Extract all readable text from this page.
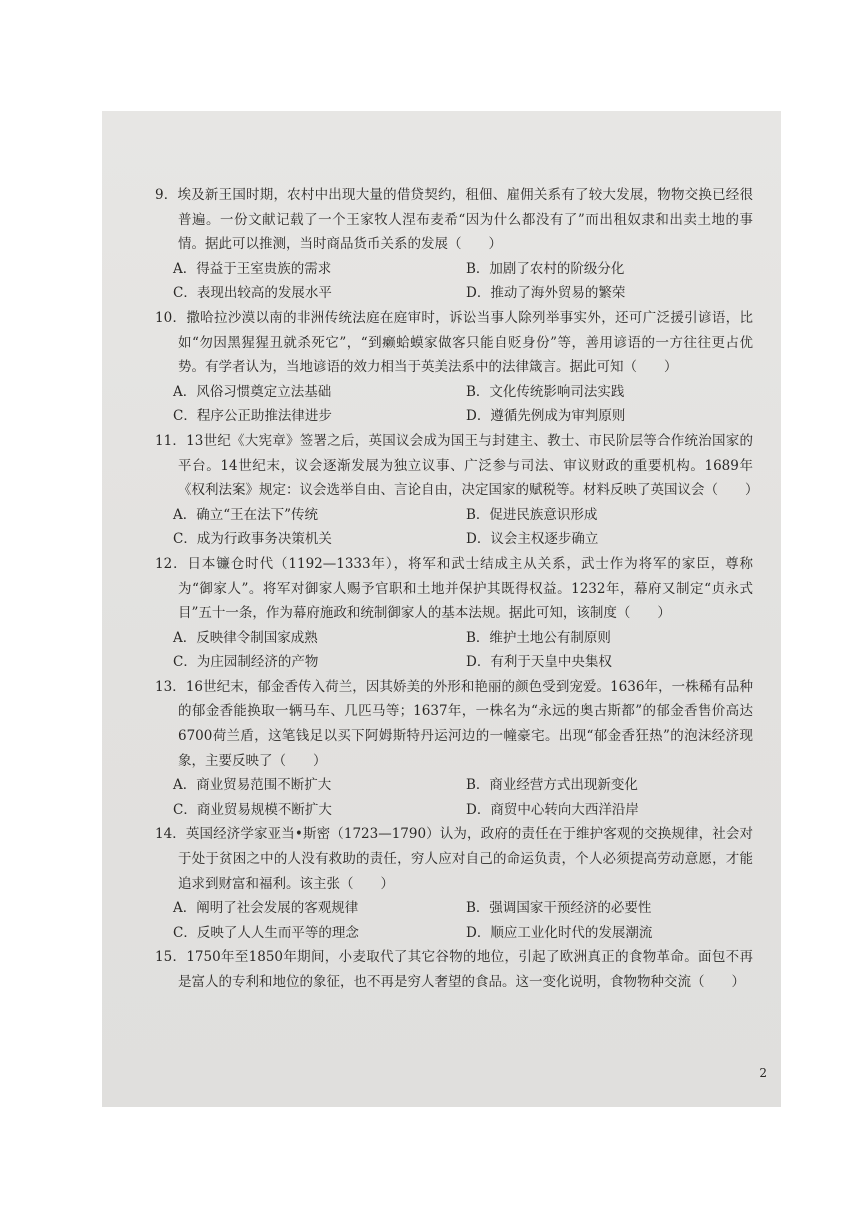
9．埃及新王国时期，农村中出现大量的借贷契约，租佃、雇佣关系有了较大发展，物物交换已经很普遍。一份文献记载了一个王家牧人涅布麦希“因为什么都没有了”而出租奴隶和出卖土地的事情。据此可以推测，当时商品货币关系的发展（　　）

A．得益于王室贵族的需求	B．加剧了农村的阶级分化
C．表现出较高的发展水平	D．推动了海外贸易的繁荣

10．撒哈拉沙漠以南的非洲传统法庭在庭审时，诉讼当事人除列举事实外，还可广泛援引谚语，比如“勿因黑猩猩丑就杀死它”，“到癞蛤蟆家做客只能自贬身份”等，善用谚语的一方往往更占优势。有学者认为，当地谚语的效力相当于英美法系中的法律箴言。据此可知（　　）

A．风俗习惯奠定立法基础	B．文化传统影响司法实践
C．程序公正助推法律进步	D．遵循先例成为审判原则

11．13世纪《大宪章》签署之后，英国议会成为国王与封建主、教士、市民阶层等合作统治国家的平台。14世纪末，议会逐渐发展为独立议事、广泛参与司法、审议财政的重要机构。1689年《权利法案》规定：议会选举自由、言论自由，决定国家的赋税等。材料反映了英国议会（　　）

A．确立“王在法下”传统	B．促进民族意识形成
C．成为行政事务决策机关	D．议会主权逐步确立

12．日本镰仓时代（1192—1333年），将军和武士结成主从关系，武士作为将军的家臣，尊称为“御家人”。将军对御家人赐予官职和土地并保护其既得权益。1232年，幕府又制定“贞永式目”五十一条，作为幕府施政和统制御家人的基本法规。据此可知，该制度（　　）

A．反映律令制国家成熟	B．维护土地公有制原则
C．为庄园制经济的产物	D．有利于天皇中央集权

13．16世纪末，郁金香传入荷兰，因其娇美的外形和艳丽的颜色受到宠爱。1636年，一株稀有品种的郁金香能换取一辆马车、几匹马等；1637年，一株名为“永远的奥古斯都”的郁金香售价高达6700荷兰盾，这笔钱足以买下阿姆斯特丹运河边的一幢豪宅。出现“郁金香狂热”的泡沫经济现象，主要反映了（　　）

A．商业贸易范围不断扩大	B．商业经营方式出现新变化
C．商业贸易规模不断扩大	D．商贸中心转向大西洋沿岸

14．英国经济学家亚当•斯密（1723—1790）认为，政府的责任在于维护客观的交换规律，社会对于处于贫困之中的人没有救助的责任，穷人应对自己的命运负责，个人必须提高劳动意愿，才能追求到财富和福利。该主张（　　）

A．阐明了社会发展的客观规律	B．强调国家干预经济的必要性
C．反映了人人生而平等的理念	D．顺应工业化时代的发展潮流

15．1750年至1850年期间，小麦取代了其它谷物的地位，引起了欧洲真正的食物革命。面包不再是富人的专利和地位的象征，也不再是穷人奢望的食品。这一变化说明，食物物种交流（　　）

2
